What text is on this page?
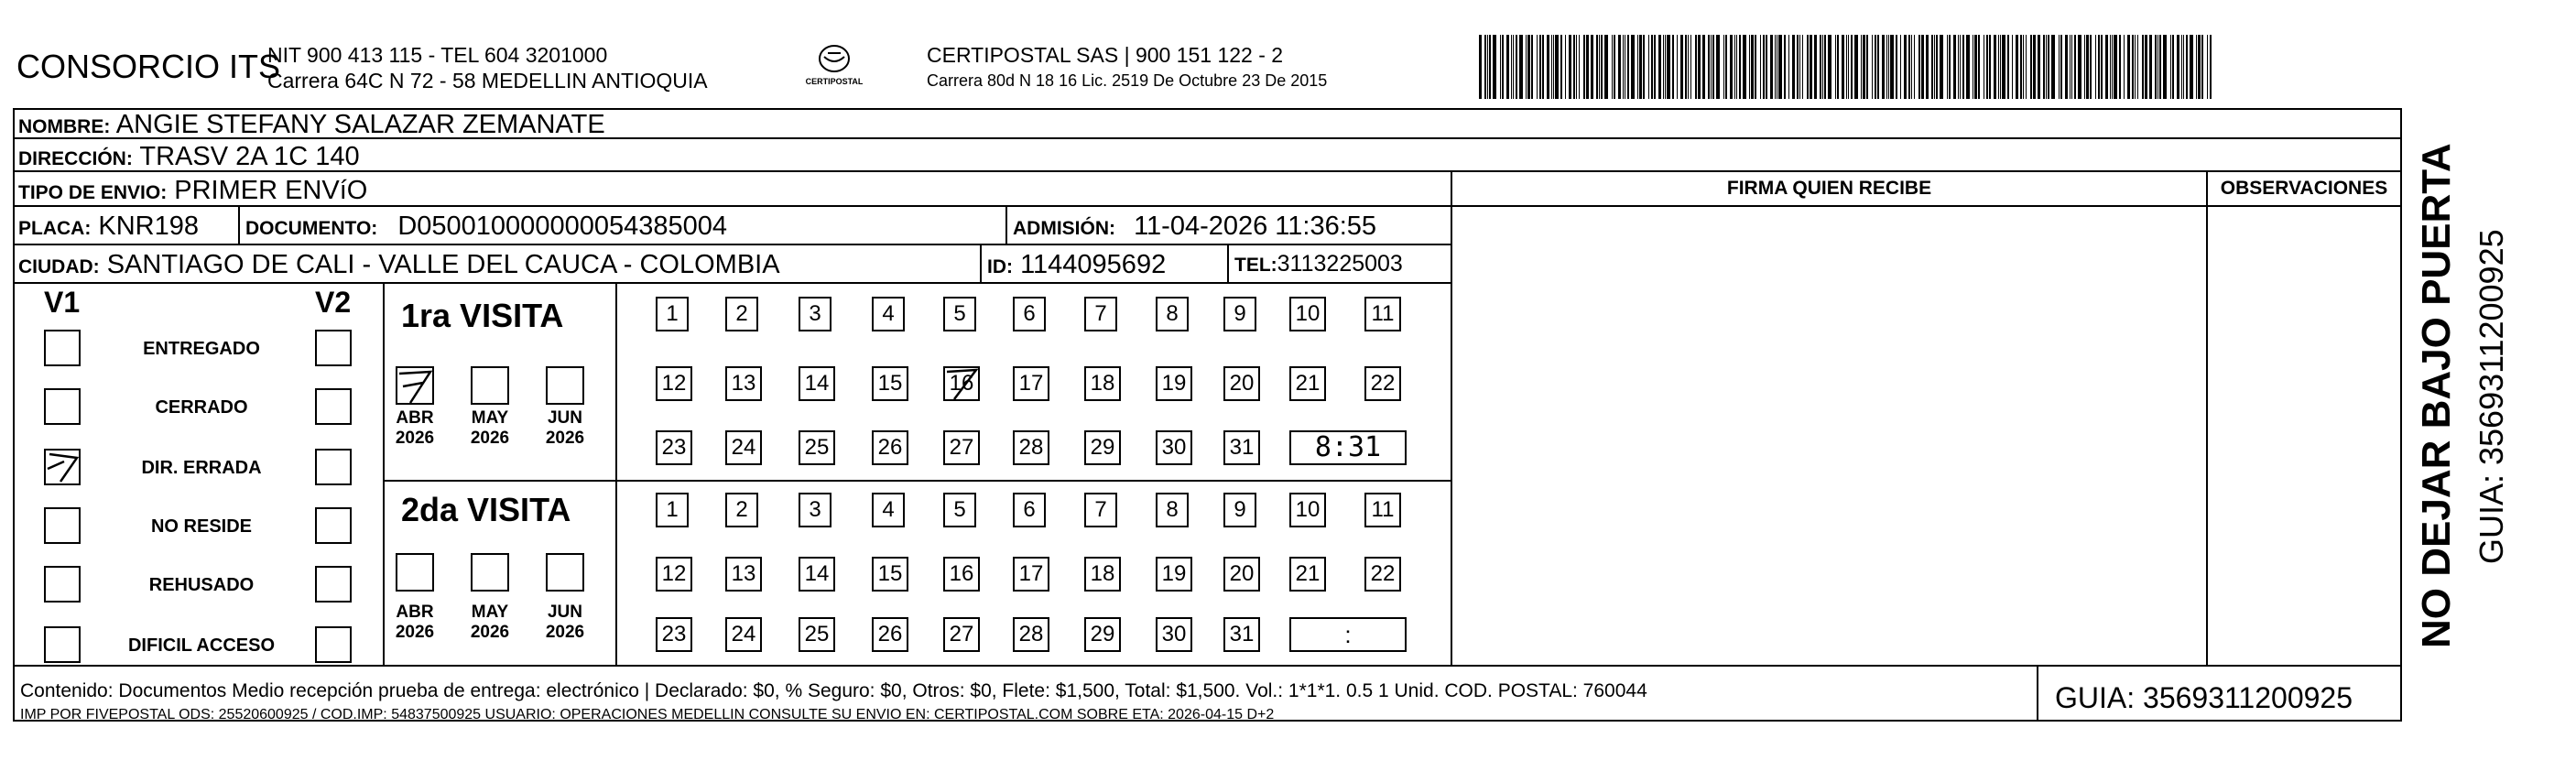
CONSORCIO ITS
NIT 900 413 115 - TEL 604 3201000
Carrera 64C N 72 - 58 MEDELLIN ANTIOQUIA	CERTIPOSTAL
CERTIPOSTAL SAS | 900 151 122 - 2
Carrera 80d N 18 16 Lic. 2519 De Octubre 23 De 2015
NOMBRE: ANGIE STEFANY SALAZAR ZEMANATE
DIRECCIÓN: TRASV 2A 1C 140
TIPO DE ENVIO: PRIMER ENVíO	FIRMA QUIEN RECIBE	OBSERVACIONES
PLACA: KNR198 DOCUMENTO: D050010000000054385004	ADMISIÓN: 11-04-2026 11:36:55
CIUDAD: SANTIAGO DE CALI - VALLE DEL CAUCA - COLOMBIA	ID: 1144095692	TEL:3113225003
V1	V2
ENTREGADO
CERRADO
DIR. ERRADA
NO RESIDE
REHUSADO
DIFICIL ACCESO
1ra VISITA
2da VISITA
ABR
2026
MAY
2026
JUN
2026
ABR
2026
MAY
2026
JUN
2026
1	2	3	4	5	6	7	8	9	10	11
12 13 14 15 16 17 18 19 20 21 22
23 24 25 26 27 28 29 30 31	8:31
1	2	3	4	5	6	7	8	9	10	11
12 13 14 15 16 17 18 19 20 21 22
23 24 25 26 27 28 29 30 31	:
Contenido: Documentos Medio recepción prueba de entrega: electrónico | Declarado: $0, % Seguro: $0, Otros: $0, Flete: $1,500, Total: $1,500. Vol.: 1*1*1. 0.5 1 Unid. COD. POSTAL: 760044
IMP POR FIVEPOSTAL ODS: 25520600925 / COD.IMP: 54837500925 USUARIO: OPERACIONES MEDELLIN CONSULTE SU ENVIO EN: CERTIPOSTAL.COM SOBRE ETA: 2026-04-15 D+2
GUIA: 3569311200925
NO DEJAR BAJO PUERTA GUIA: 3569311200925
